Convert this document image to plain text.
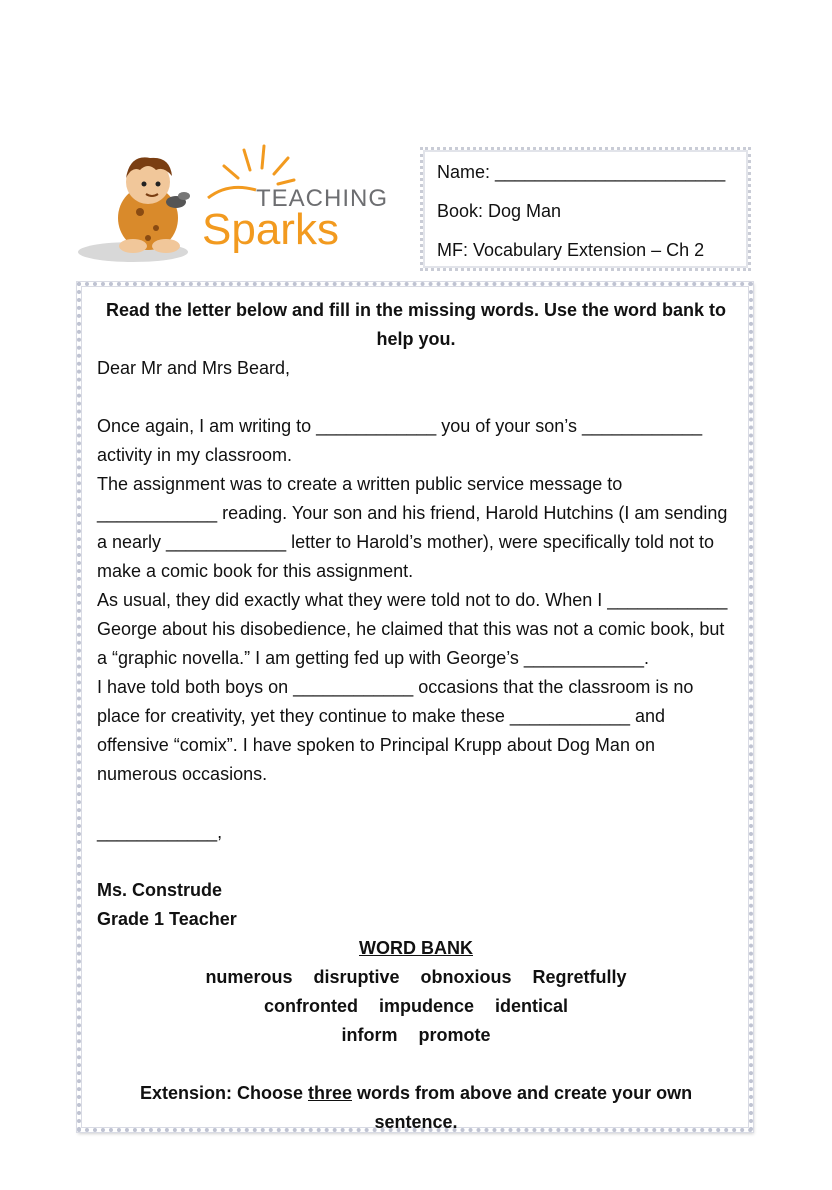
TEACHING
Sparks
Name: _______________________
Book: Dog Man
MF: Vocabulary Extension – Ch 2

Read the letter below and fill in the missing words. Use the word bank to help you.

Dear Mr and Mrs Beard,

Once again, I am writing to ____________ you of your son’s ____________ activity in my classroom.

The assignment was to create a written public service message to ____________ reading. Your son and his friend, Harold Hutchins (I am sending a nearly ____________ letter to Harold’s mother), were specifically told not to make a comic book for this assignment.

As usual, they did exactly what they were told not to do. When I ____________ George about his disobedience, he claimed that this was not a comic book, but a “graphic novella.” I am getting fed up with George’s ____________.

I have told both boys on ____________ occasions that the classroom is no place for creativity, yet they continue to make these ____________ and offensive “comix”. I have spoken to Principal Krupp about Dog Man on numerous occasions.

____________,

Ms. Construde

Grade 1 Teacher

WORD BANK

numerous disruptive obnoxious Regretfully
confronted impudence identical
inform promote

Extension: Choose three words from above and create your own sentence.
